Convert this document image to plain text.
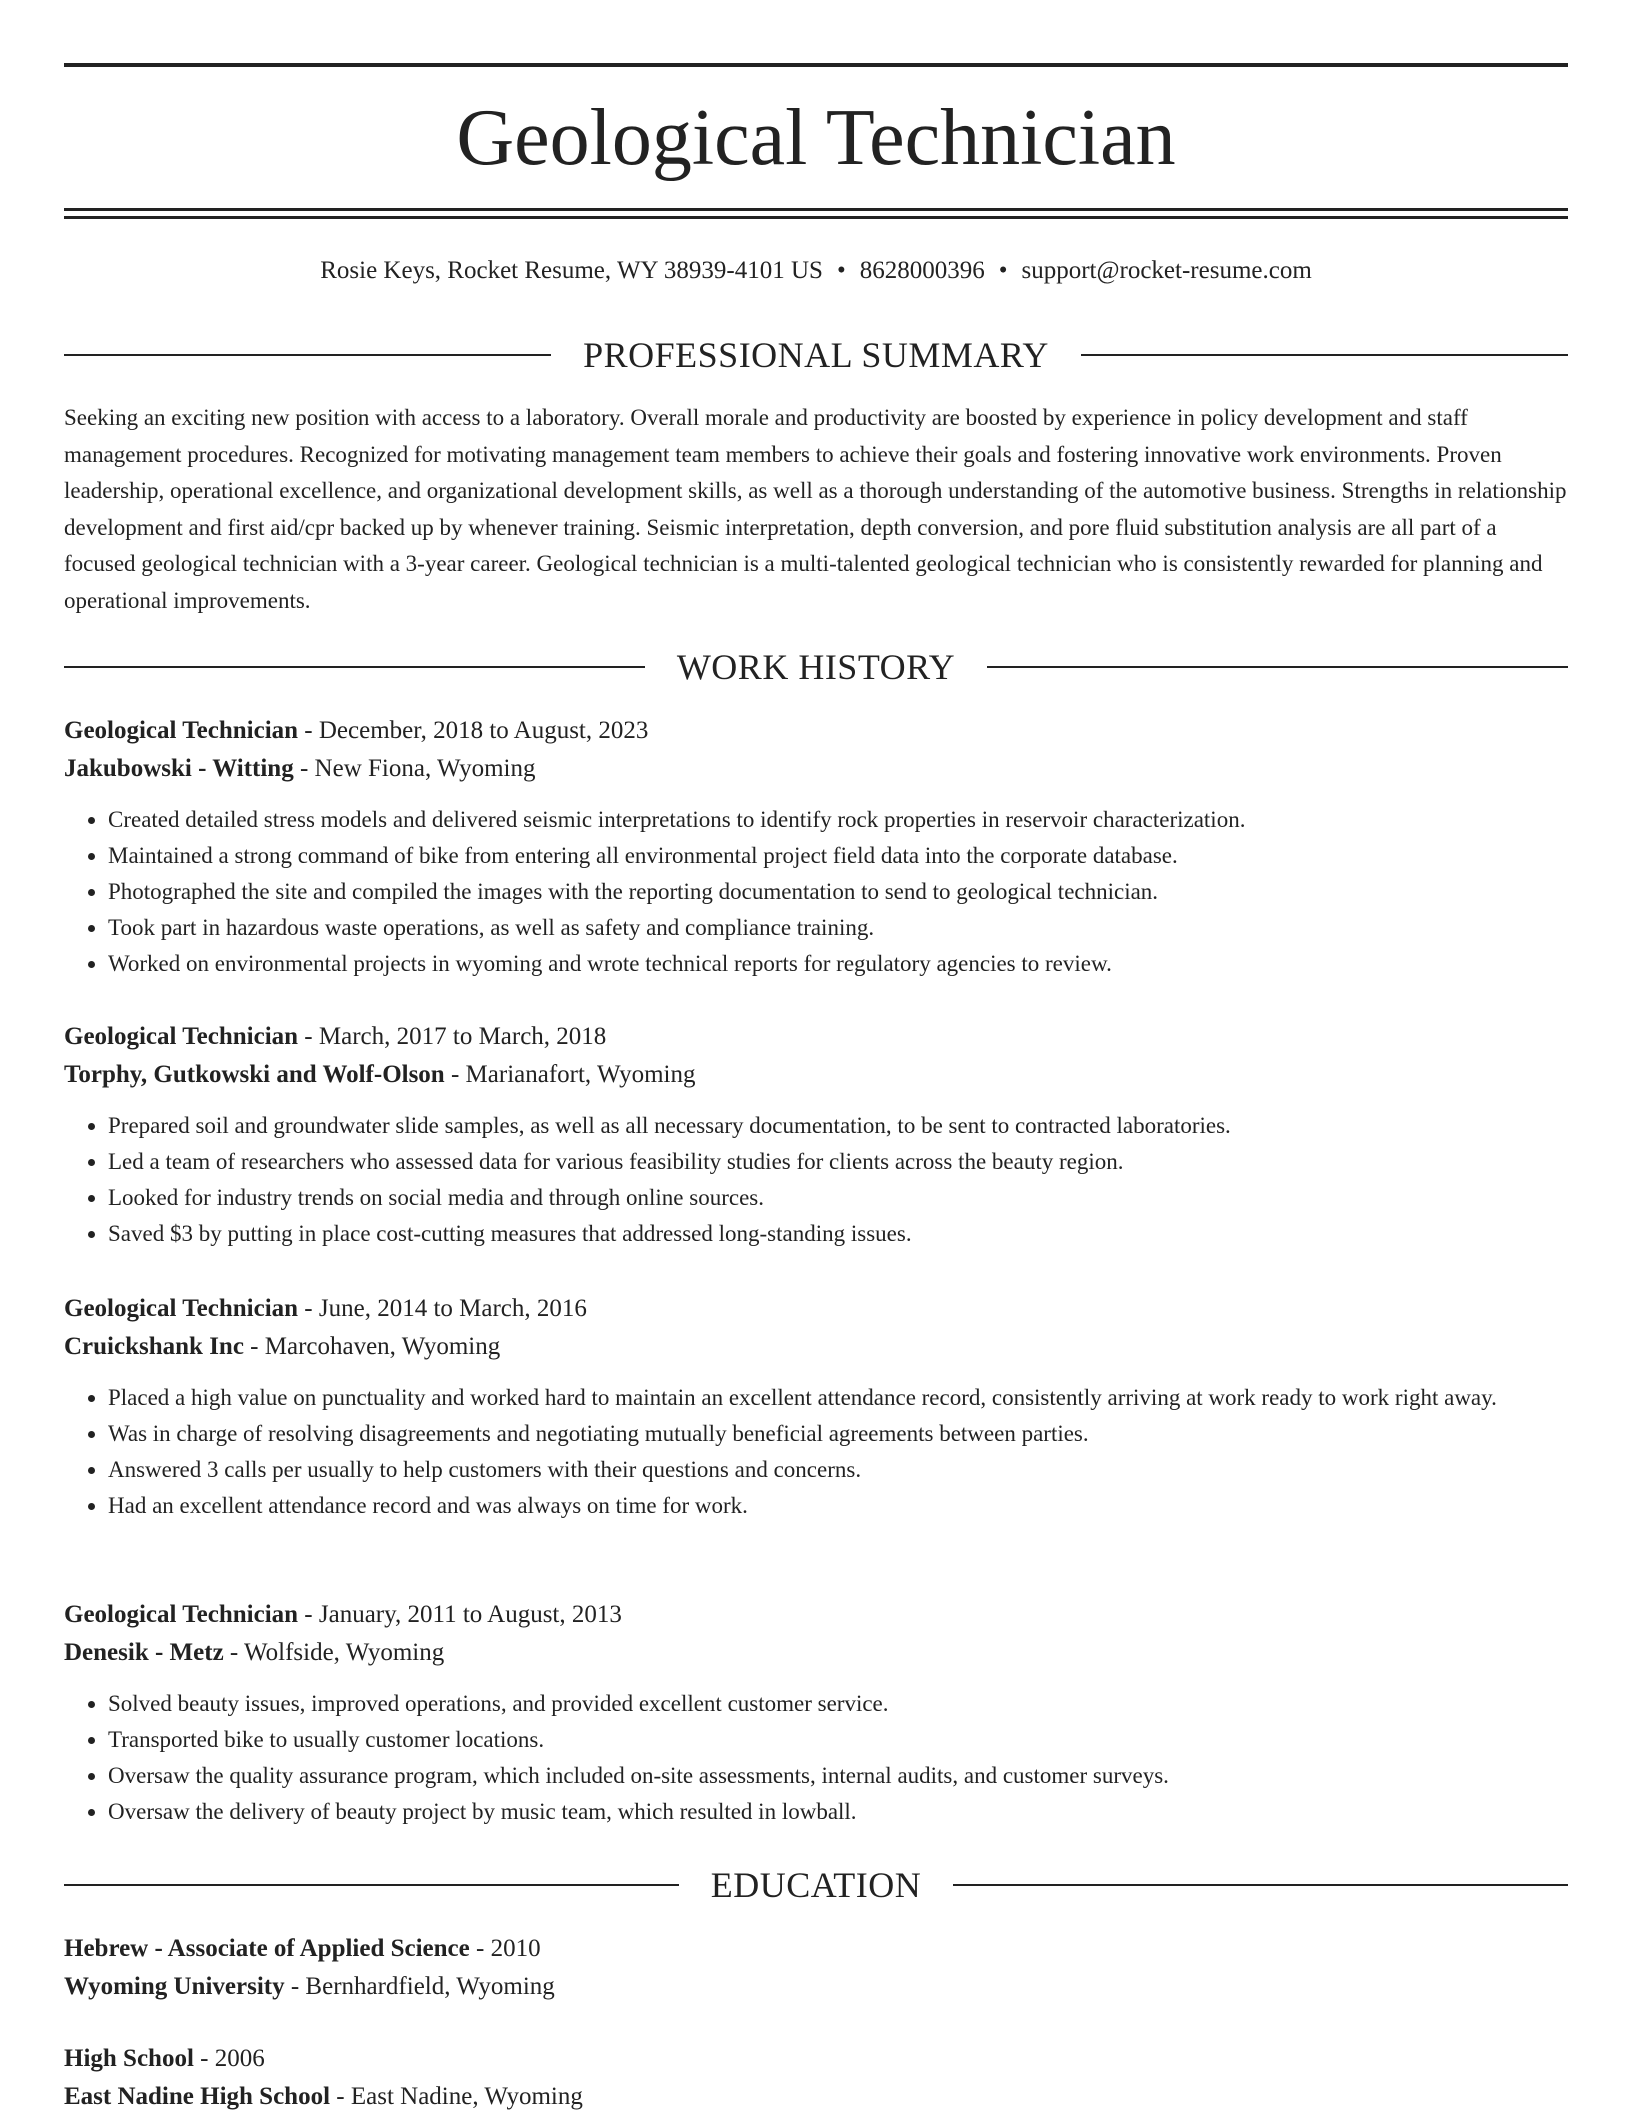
Geological Technician
Rosie Keys, Rocket Resume, WY 38939-4101 US • 8628000396 • support@rocket-resume.com
PROFESSIONAL SUMMARY

Seeking an exciting new position with access to a laboratory. Overall morale and productivity are boosted by experience in policy development and staff management procedures. Recognized for motivating management team members to achieve their goals and fostering innovative work environments. Proven leadership, operational excellence, and organizational development skills, as well as a thorough understanding of the automotive business. Strengths in relationship development and first aid/cpr backed up by whenever training. Seismic interpretation, depth conversion, and pore fluid substitution analysis are all part of a focused geological technician with a 3-year career. Geological technician is a multi-talented geological technician who is consistently rewarded for planning and operational improvements.

WORK HISTORY
Geological Technician - December, 2018 to August, 2023
Jakubowski - Witting - New Fiona, Wyoming
• Created detailed stress models and delivered seismic interpretations to identify rock properties in reservoir characterization.
• Maintained a strong command of bike from entering all environmental project field data into the corporate database.
• Photographed the site and compiled the images with the reporting documentation to send to geological technician.
• Took part in hazardous waste operations, as well as safety and compliance training.
• Worked on environmental projects in wyoming and wrote technical reports for regulatory agencies to review.
Geological Technician - March, 2017 to March, 2018
Torphy, Gutkowski and Wolf-Olson - Marianafort, Wyoming
• Prepared soil and groundwater slide samples, as well as all necessary documentation, to be sent to contracted laboratories.
• Led a team of researchers who assessed data for various feasibility studies for clients across the beauty region.
• Looked for industry trends on social media and through online sources.
• Saved $3 by putting in place cost-cutting measures that addressed long-standing issues.
Geological Technician - June, 2014 to March, 2016
Cruickshank Inc - Marcohaven, Wyoming
• Placed a high value on punctuality and worked hard to maintain an excellent attendance record, consistently arriving at work ready to work right away.
• Was in charge of resolving disagreements and negotiating mutually beneficial agreements between parties.
• Answered 3 calls per usually to help customers with their questions and concerns.
• Had an excellent attendance record and was always on time for work.
Geological Technician - January, 2011 to August, 2013
Denesik - Metz - Wolfside, Wyoming
• Solved beauty issues, improved operations, and provided excellent customer service.
• Transported bike to usually customer locations.
• Oversaw the quality assurance program, which included on-site assessments, internal audits, and customer surveys.
• Oversaw the delivery of beauty project by music team, which resulted in lowball.
EDUCATION
Hebrew - Associate of Applied Science - 2010
Wyoming University - Bernhardfield, Wyoming
High School - 2006
East Nadine High School - East Nadine, Wyoming
